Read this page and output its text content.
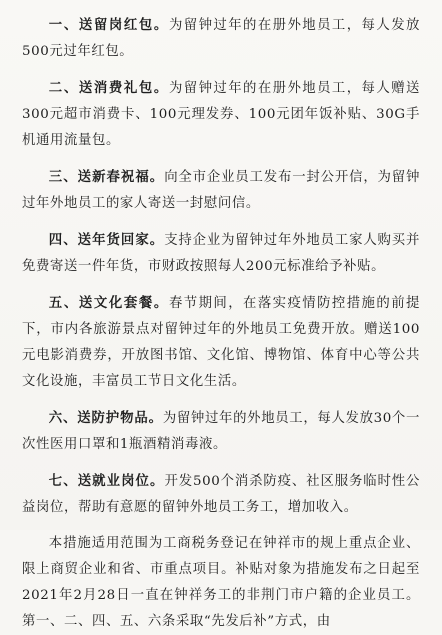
一、送留岗红包。为留钟过年的在册外地员工，每人发放500元过年红包。

二、送消费礼包。为留钟过年的在册外地员工，每人赠送300元超市消费卡、100元理发券、100元团年饭补贴、30G手机通用流量包。

三、送新春祝福。向全市企业员工发布一封公开信，为留钟过年外地员工的家人寄送一封慰问信。

四、送年货回家。支持企业为留钟过年外地员工家人购买并免费寄送一件年货，市财政按照每人200元标准给予补贴。

五、送文化套餐。春节期间，在落实疫情防控措施的前提下，市内各旅游景点对留钟过年的外地员工免费开放。赠送100元电影消费券，开放图书馆、文化馆、博物馆、体育中心等公共文化设施，丰富员工节日文化生活。

六、送防护物品。为留钟过年的外地员工，每人发放30个一次性医用口罩和1瓶酒精消毒液。

七、送就业岗位。开发500个消杀防疫、社区服务临时性公益岗位，帮助有意愿的留钟外地员工务工，增加收入。

本措施适用范围为工商税务登记在钟祥市的规上重点企业、限上商贸企业和省、市重点项目。补贴对象为措施发布之日起至2021年2月28日一直在钟祥务工的非荆门市户籍的企业员工。第一、二、四、五、六条采取“先发后补”方式，由
